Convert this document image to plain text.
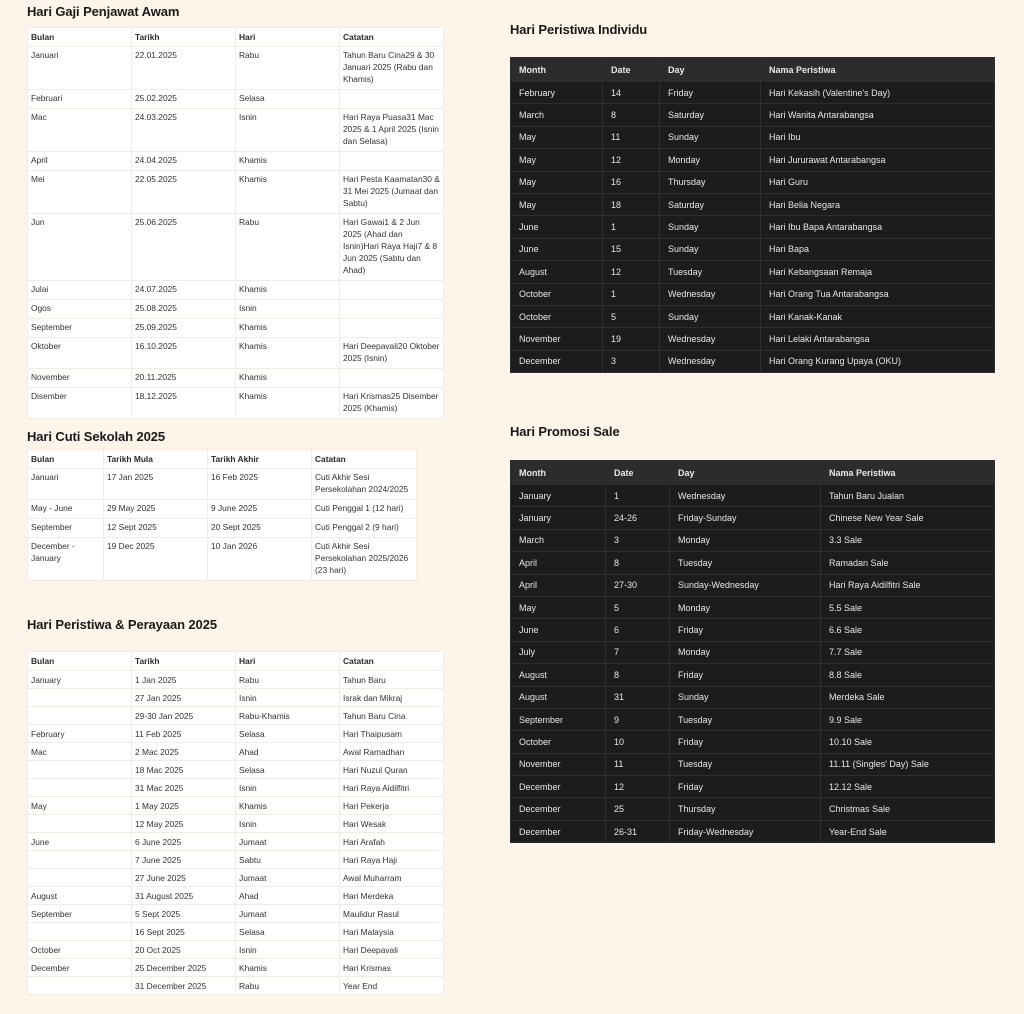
Hari Gaji Penjawat Awam
Bulan	Tarikh	Hari	Catatan
Januari	22.01.2025	Rabu	Tahun Baru Cina29 & 30 Januari 2025 (Rabu dan Khamis)
Februari	25.02.2025	Selasa	
Mac	24.03.2025	Isnin	Hari Raya Puasa31 Mac 2025 & 1 April 2025 (Isnin dan Selasa)
April	24.04.2025	Khamis	
Mei	22.05.2025	Khamis	Hari Pesta Kaamatan30 & 31 Mei 2025 (Jumaat dan Sabtu)
Jun	25.06.2025	Rabu	Hari Gawai1 & 2 Jun 2025 (Ahad dan Isnin)Hari Raya Haji7 & 8 Jun 2025 (Sabtu dan Ahad)
Julai	24.07.2025	Khamis	
Ogos	25.08.2025	Isnin	
September	25.09.2025	Khamis	
Oktober	16.10.2025	Khamis	Hari Deepavali20 Oktober 2025 (Isnin)
November	20.11.2025	Khamis	
Disember	18.12.2025	Khamis	Hari Krismas25 Disember 2025 (Khamis)
Hari Cuti Sekolah 2025
Bulan	Tarikh Mula	Tarikh Akhir	Catatan
Januari	17 Jan 2025	16 Feb 2025	Cuti Akhir Sesi Persekolahan 2024/2025
May - June	29 May 2025	9 June 2025	Cuti Penggal 1 (12 hari)
September	12 Sept 2025	20 Sept 2025	Cuti Penggal 2 (9 hari)
December - January	19 Dec 2025	10 Jan 2026	Cuti Akhir Sesi Persekolahan 2025/2026 (23 hari)
Hari Peristiwa & Perayaan 2025
Bulan	Tarikh	Hari	Catatan
January	1 Jan 2025	Rabu	Tahun Baru
	27 Jan 2025	Isnin	Israk dan Mikraj
	29-30 Jan 2025	Rabu-Khamis	Tahun Baru Cina
February	11 Feb 2025	Selasa	Hari Thaipusam
Mac	2 Mac 2025	Ahad	Awal Ramadhan
	18 Mac 2025	Selasa	Hari Nuzul Quran
	31 Mac 2025	Isnin	Hari Raya Aidilfitri
May	1 May 2025	Khamis	Hari Pekerja
	12 May 2025	Isnin	Hari Wesak
June	6 June 2025	Jumaat	Hari Arafah
	7 June 2025	Sabtu	Hari Raya Haji
	27 June 2025	Jumaat	Awal Muharram
August	31 August 2025	Ahad	Hari Merdeka
September	5 Sept 2025	Jumaat	Maulidur Rasul
	16 Sept 2025	Selasa	Hari Malaysia
October	20 Oct 2025	Isnin	Hari Deepavali
December	25 December 2025	Khamis	Hari Krismas
	31 December 2025	Rabu	Year End
Hari Peristiwa Individu
Month	Date	Day	Nama Peristiwa
February	14	Friday	Hari Kekasih (Valentine's Day)
March	8	Saturday	Hari Wanita Antarabangsa
May	11	Sunday	Hari Ibu
May	12	Monday	Hari Jururawat Antarabangsa
May	16	Thursday	Hari Guru
May	18	Saturday	Hari Belia Negara
June	1	Sunday	Hari Ibu Bapa Antarabangsa
June	15	Sunday	Hari Bapa
August	12	Tuesday	Hari Kebangsaan Remaja
October	1	Wednesday	Hari Orang Tua Antarabangsa
October	5	Sunday	Hari Kanak-Kanak
November	19	Wednesday	Hari Lelaki Antarabangsa
December	3	Wednesday	Hari Orang Kurang Upaya (OKU)
Hari Promosi Sale
Month	Date	Day	Nama Peristiwa
January	1	Wednesday	Tahun Baru Jualan
January	24-26	Friday-Sunday	Chinese New Year Sale
March	3	Monday	3.3 Sale
April	8	Tuesday	Ramadan Sale
April	27-30	Sunday-Wednesday	Hari Raya Aidilfitri Sale
May	5	Monday	5.5 Sale
June	6	Friday	6.6 Sale
July	7	Monday	7.7 Sale
August	8	Friday	8.8 Sale
August	31	Sunday	Merdeka Sale
September	9	Tuesday	9.9 Sale
October	10	Friday	10.10 Sale
November	11	Tuesday	11.11 (Singles' Day) Sale
December	12	Friday	12.12 Sale
December	25	Thursday	Christmas Sale
December	26-31	Friday-Wednesday	Year-End Sale
